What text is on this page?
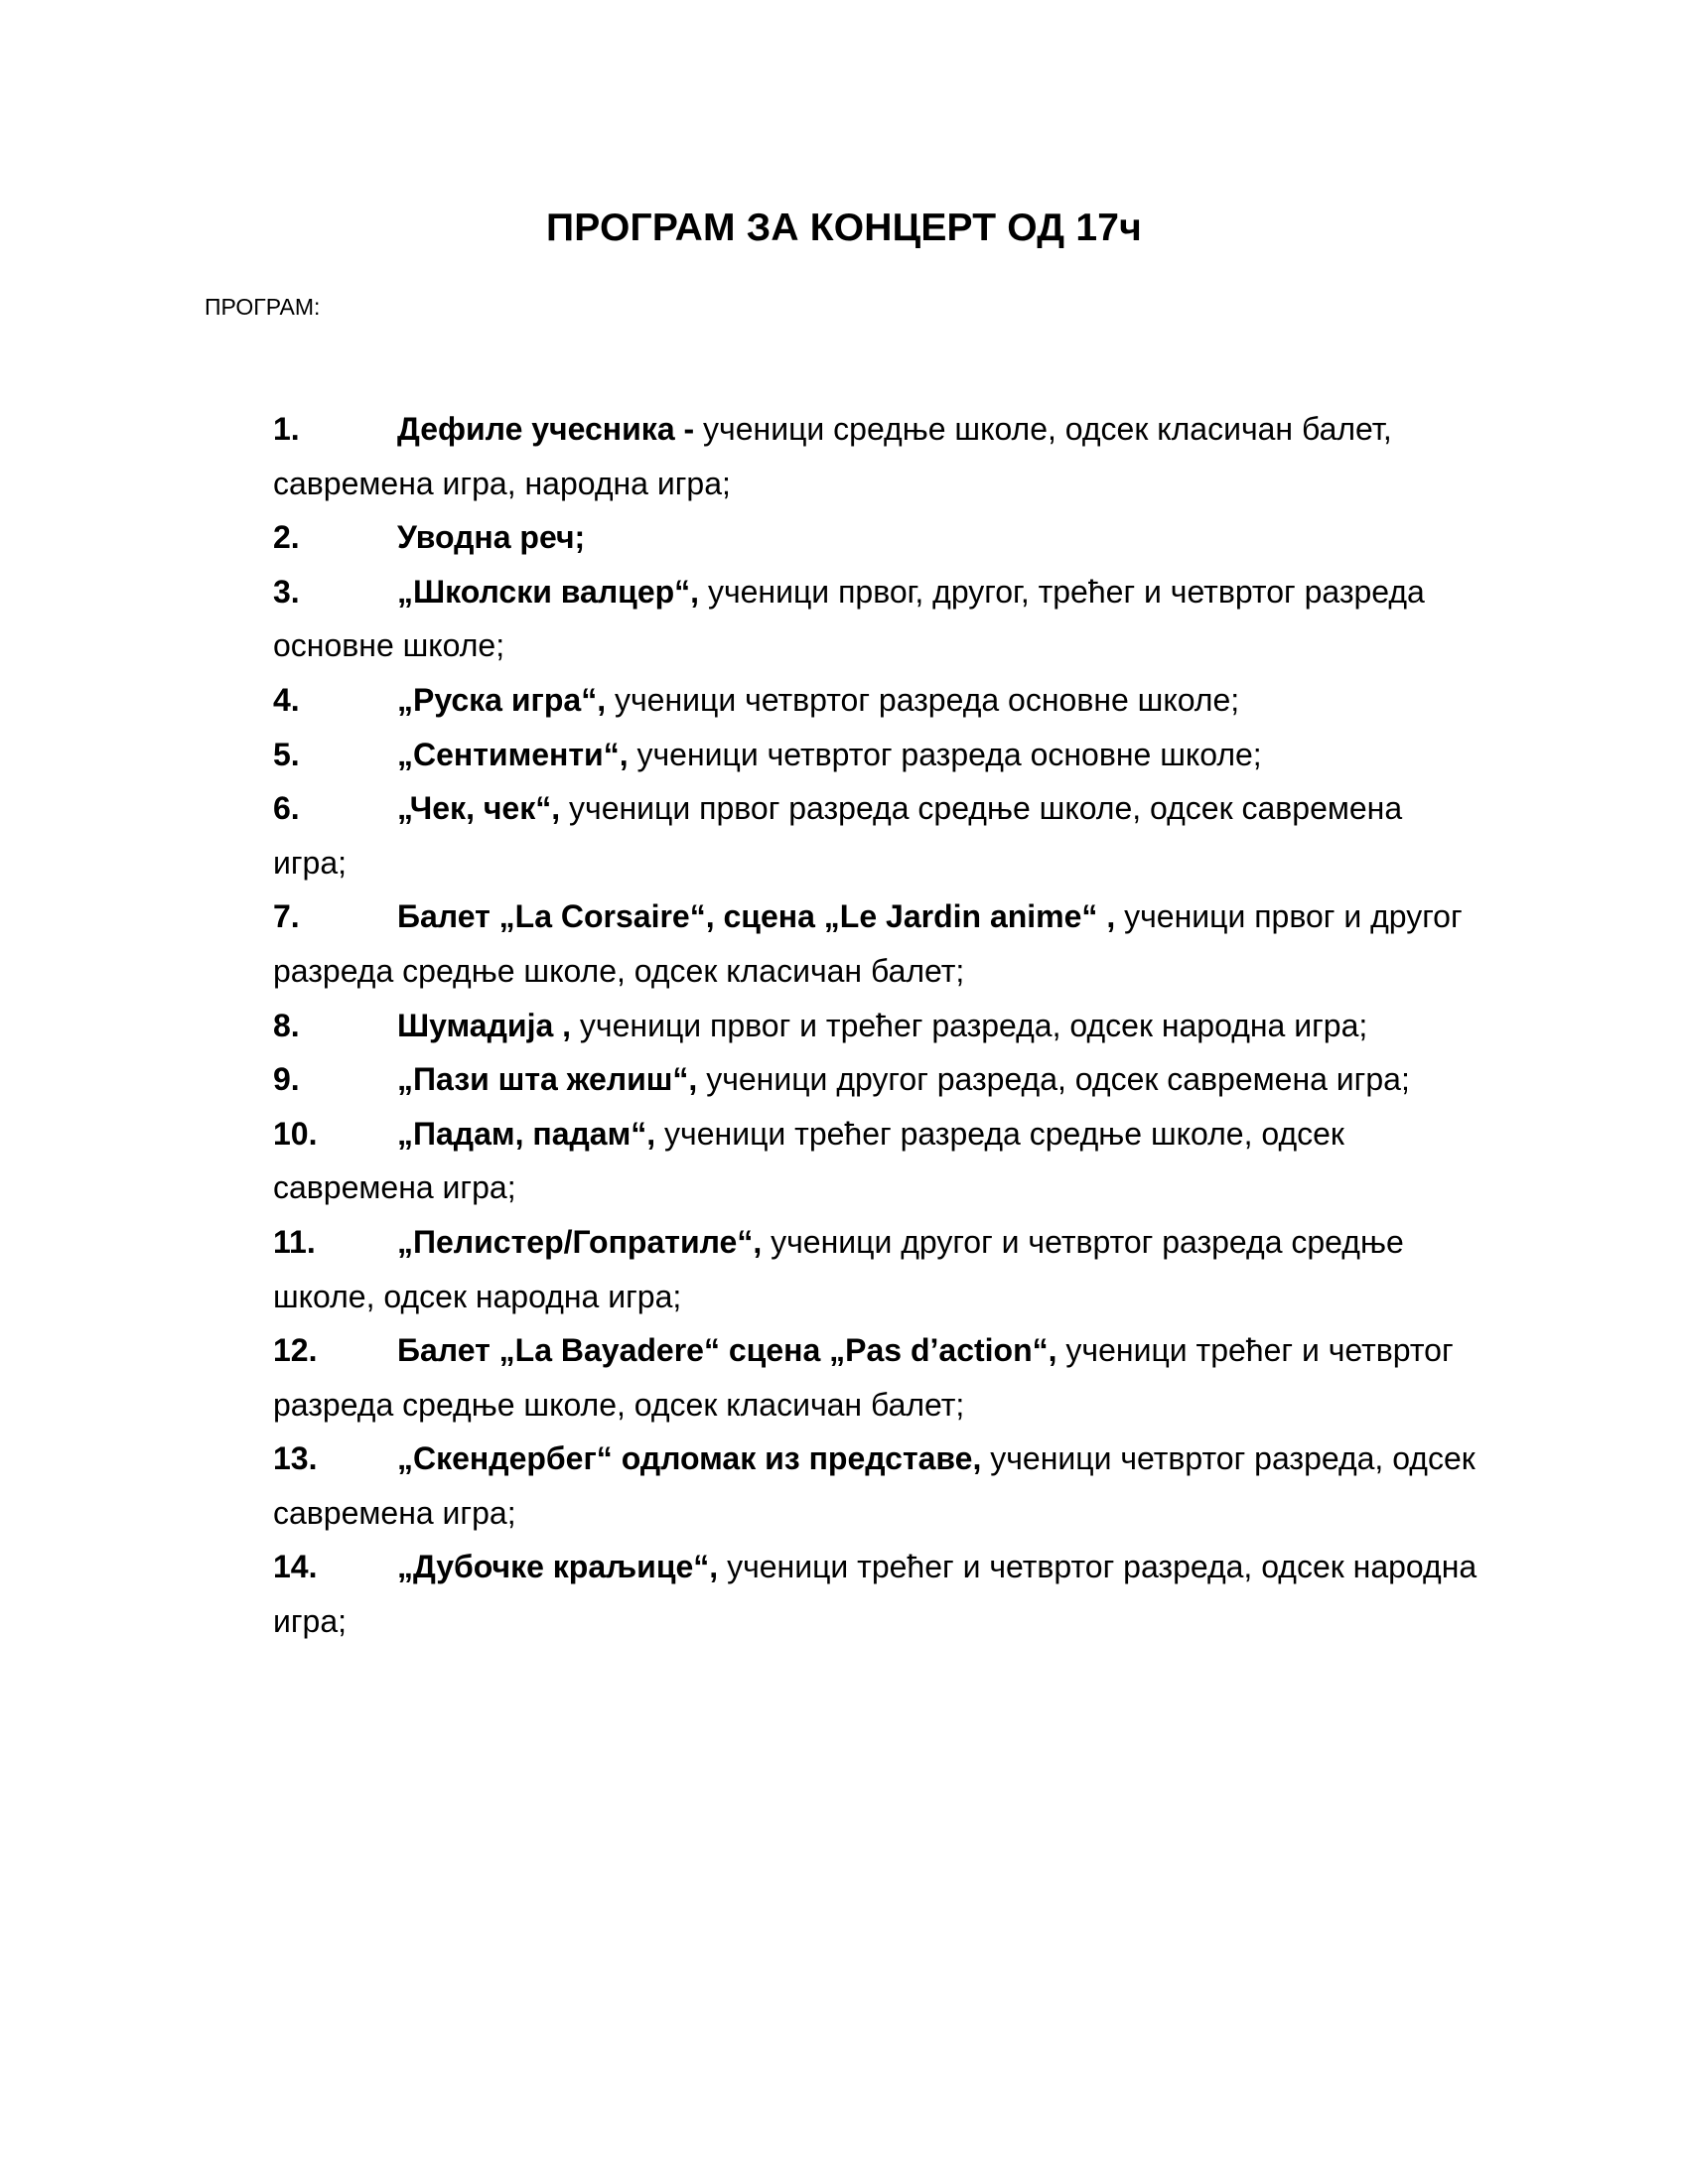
ПРОГРАМ ЗА КОНЦЕРТ ОД 17ч
ПРОГРАМ:
1.	Дефиле учесника - ученици средње школе, одсек класичан балет, савремена игра, народна игра;
2.	Уводна реч;
3.	„Школски валцер“, ученици првог, другог, трећег и четвртог разреда основне школе;
4.	„Руска игра“, ученици четвртог разреда основне школе;
5.	„Сентименти“, ученици четвртог разреда основне школе;
6.	„Чек, чек“, ученици првог разреда средње школе, одсек савремена игра;
7.	Балет „La Corsaire“, сцена „Le Jardin anime“ , ученици првог и другог разреда средње школе, одсек класичан балет;
8.	Шумадија , ученици првог и трећег разреда, одсек народна игра;
9.	„Пази шта желиш“, ученици другог разреда, одсек савремена игра;
10.	„Падам, падам“, ученици трећег разреда средње школе, одсек савремена игра;
11.	„Пелистер/Гопратиле“, ученици другог и четвртог разреда средње школе, одсек народна игра;
12.	Балет „La Bayadere“ сцена „Pas d’action“, ученици трећег и четвртог разреда средње школе, одсек класичан балет;
13.	„Скендербег“ одломак из представе, ученици четвртог разреда, одсек савремена игра;
14.	„Дубочке краљице“, ученици трећег и четвртог разреда, одсек народна игра;
